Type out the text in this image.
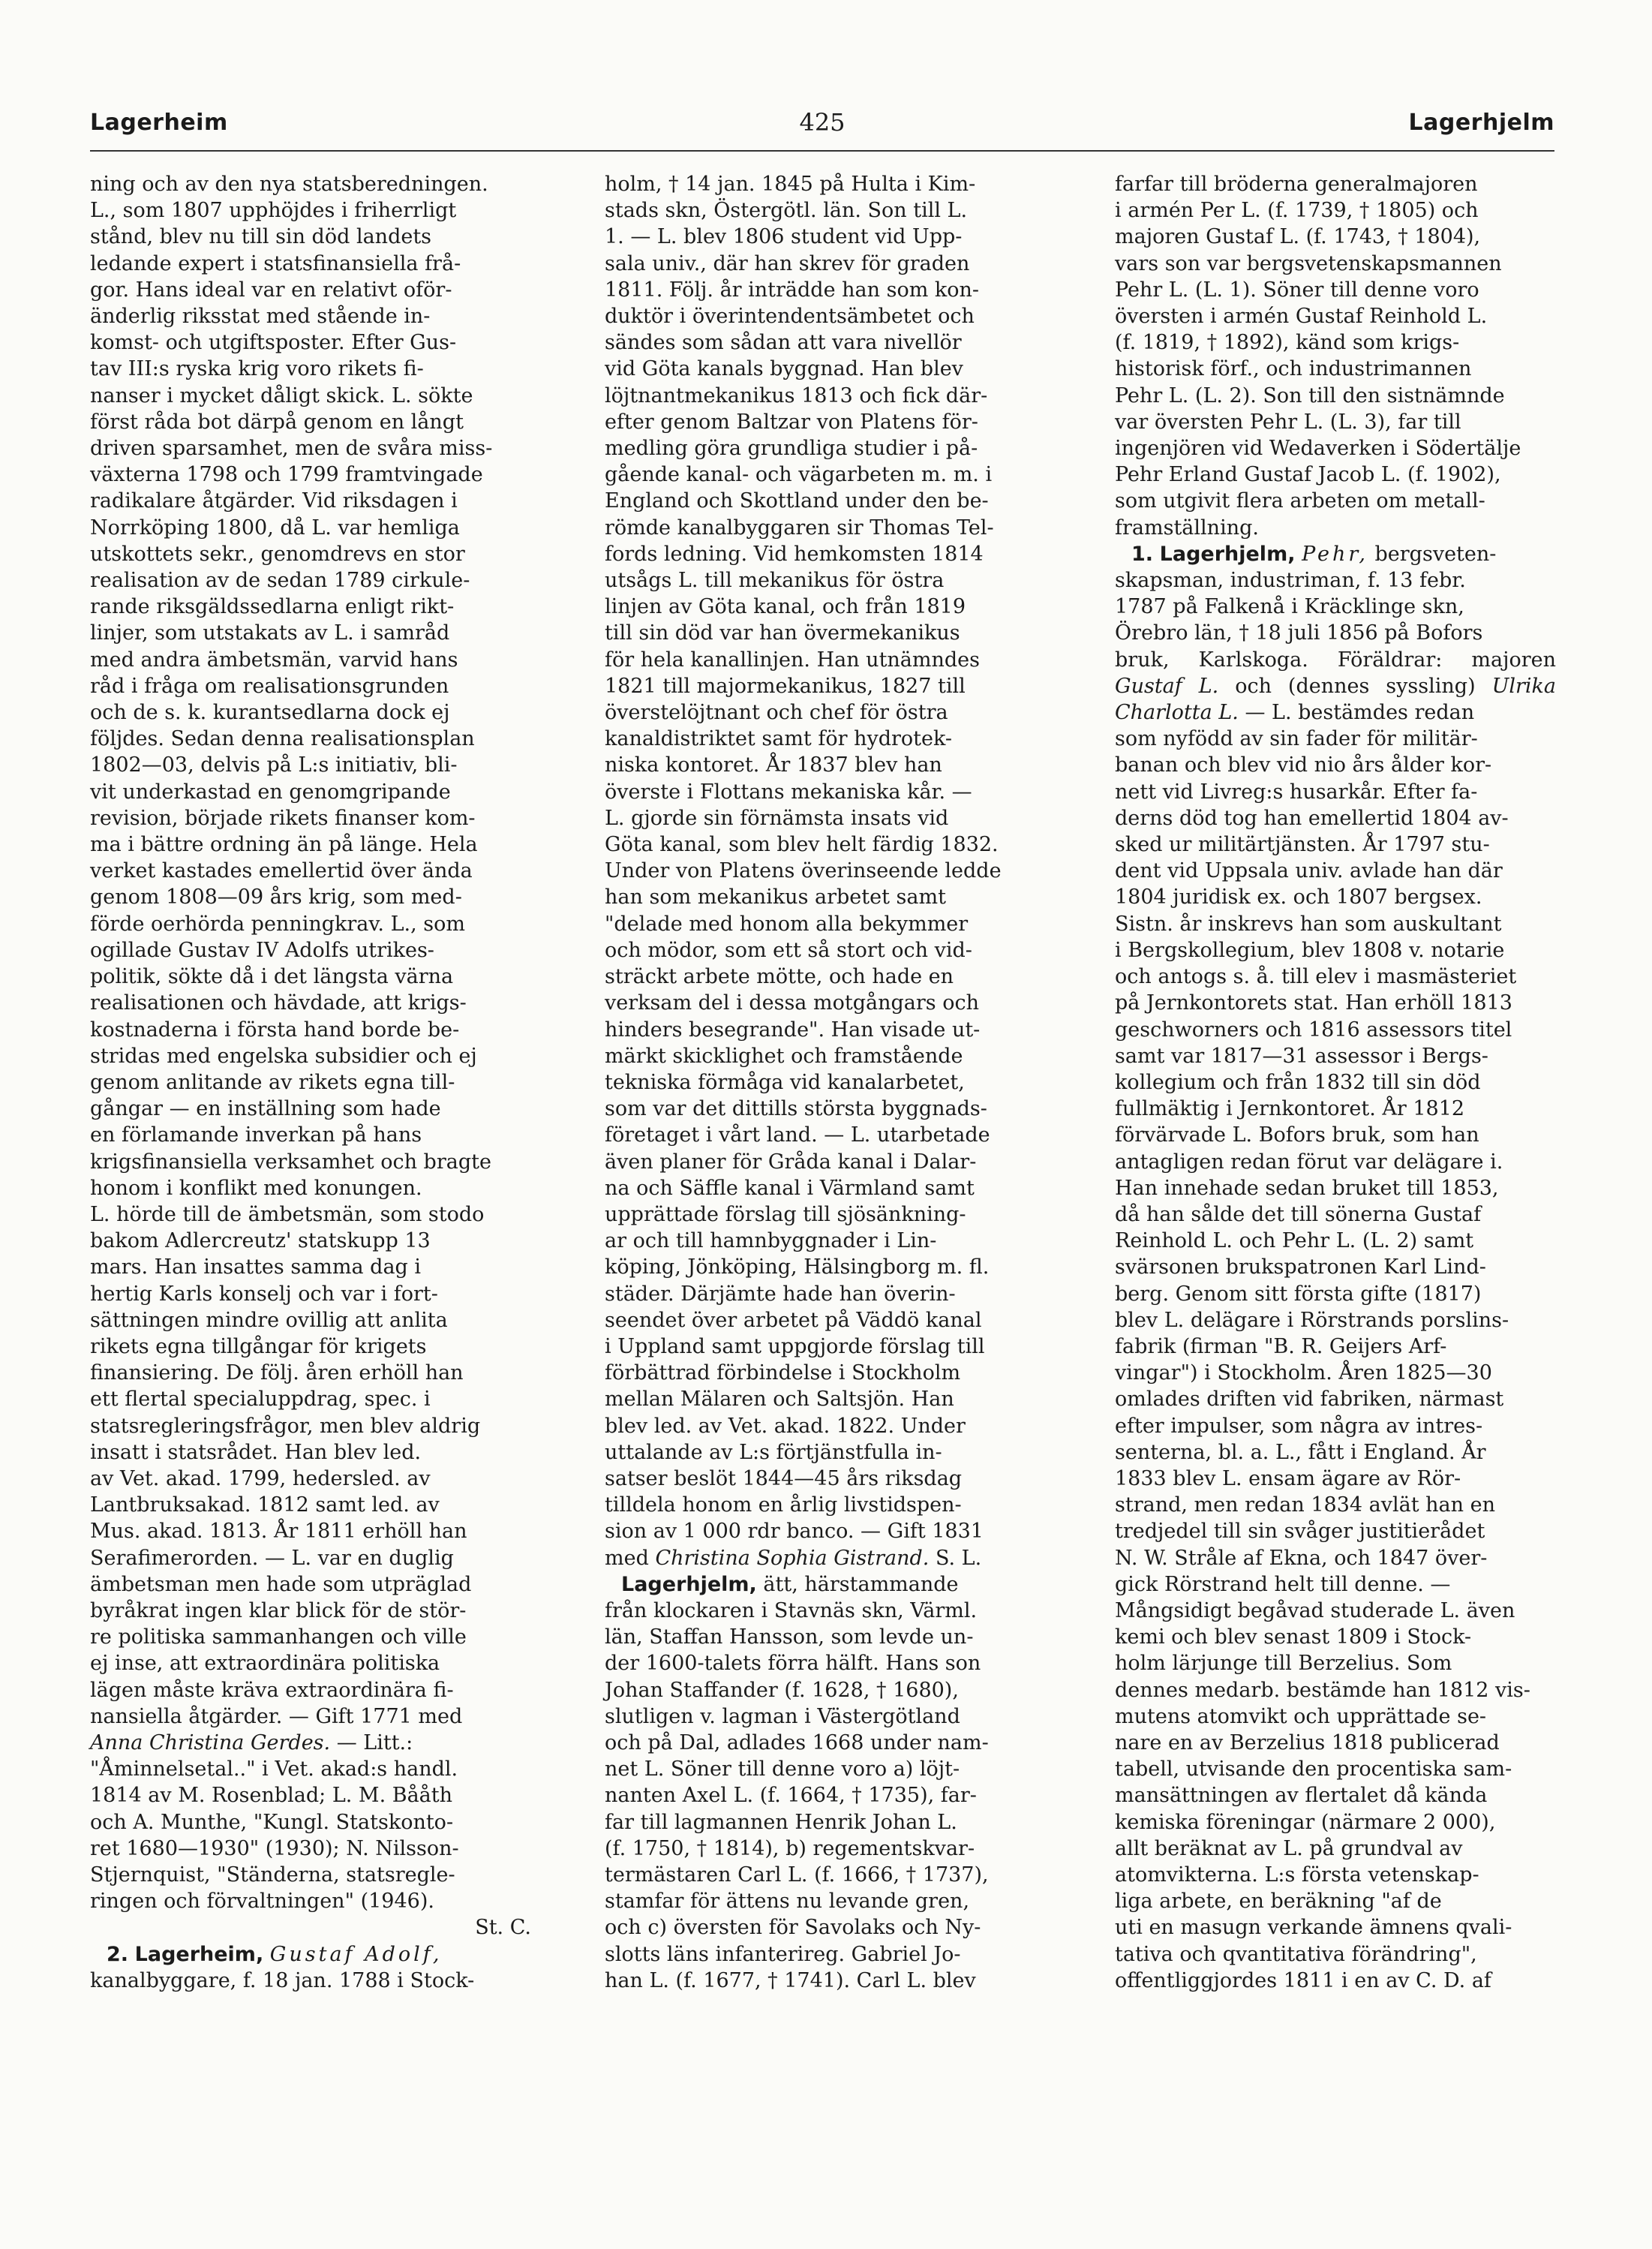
Lagerheim	425	Lagerhjelm

ning och av den nya statsberedningen.
L., som 1807 upphöjdes i friherrligt
stånd, blev nu till sin död landets
ledande expert i statsfinansiella frå-
gor. Hans ideal var en relativt oför-
änderlig riksstat med stående in-
komst- och utgiftsposter. Efter Gus-
tav III:s ryska krig voro rikets fi-
nanser i mycket dåligt skick. L. sökte
först råda bot därpå genom en långt
driven sparsamhet, men de svåra miss-
växterna 1798 och 1799 framtvingade
radikalare åtgärder. Vid riksdagen i
Norrköping 1800, då L. var hemliga
utskottets sekr., genomdrevs en stor
realisation av de sedan 1789 cirkule-
rande riksgäldssedlarna enligt rikt-
linjer, som utstakats av L. i samråd
med andra ämbetsmän, varvid hans
råd i fråga om realisationsgrunden
och de s. k. kurantsedlarna dock ej
följdes. Sedan denna realisationsplan
1802—03, delvis på L:s initiativ, bli-
vit underkastad en genomgripande
revision, började rikets finanser kom-
ma i bättre ordning än på länge. Hela
verket kastades emellertid över ända
genom 1808—09 års krig, som med-
förde oerhörda penningkrav. L., som
ogillade Gustav IV Adolfs utrikes-
politik, sökte då i det längsta värna
realisationen och hävdade, att krigs-
kostnaderna i första hand borde be-
stridas med engelska subsidier och ej
genom anlitande av rikets egna till-
gångar — en inställning som hade
en förlamande inverkan på hans
krigsfinansiella verksamhet och bragte
honom i konflikt med konungen.
L. hörde till de ämbetsmän, som stodo
bakom Adlercreutz' statskupp 13
mars. Han insattes samma dag i
hertig Karls konselj och var i fort-
sättningen mindre ovillig att anlita
rikets egna tillgångar för krigets
finansiering. De följ. åren erhöll han
ett flertal specialuppdrag, spec. i
statsregleringsfrågor, men blev aldrig
insatt i statsrådet. Han blev led.
av Vet. akad. 1799, hedersled. av
Lantbruksakad. 1812 samt led. av
Mus. akad. 1813. År 1811 erhöll han
Serafimerorden. — L. var en duglig
ämbetsman men hade som utpräglad
byråkrat ingen klar blick för de stör-
re politiska sammanhangen och ville
ej inse, att extraordinära politiska
lägen måste kräva extraordinära fi-
nansiella åtgärder. — Gift 1771 med
Anna Christina Gerdes. — Litt.:
"Åminnelsetal.." i Vet. akad:s handl.
1814 av M. Rosenblad; L. M. Bååth
och A. Munthe, "Kungl. Statskonto-
ret 1680—1930" (1930); N. Nilsson-
Stjernquist, "Ständerna, statsregle-
ringen och förvaltningen" (1946).

St. C.

2. Lagerheim, Gustaf Adolf,
kanalbyggare, f. 18 jan. 1788 i Stock-

holm, † 14 jan. 1845 på Hulta i Kim-
stads skn, Östergötl. län. Son till L.
1. — L. blev 1806 student vid Upp-
sala univ., där han skrev för graden
1811. Följ. år inträdde han som kon-
duktör i överintendentsämbetet och
sändes som sådan att vara nivellör
vid Göta kanals byggnad. Han blev
löjtnantmekanikus 1813 och fick där-
efter genom Baltzar von Platens för-
medling göra grundliga studier i på-
gående kanal- och vägarbeten m. m. i
England och Skottland under den be-
römde kanalbyggaren sir Thomas Tel-
fords ledning. Vid hemkomsten 1814
utsågs L. till mekanikus för östra
linjen av Göta kanal, och från 1819
till sin död var han övermekanikus
för hela kanallinjen. Han utnämndes
1821 till majormekanikus, 1827 till
överstelöjtnant och chef för östra
kanaldistriktet samt för hydrotek-
niska kontoret. År 1837 blev han
överste i Flottans mekaniska kår. —
L. gjorde sin förnämsta insats vid
Göta kanal, som blev helt färdig 1832.
Under von Platens överinseende ledde
han som mekanikus arbetet samt
"delade med honom alla bekymmer
och mödor, som ett så stort och vid-
sträckt arbete mötte, och hade en
verksam del i dessa motgångars och
hinders besegrande". Han visade ut-
märkt skicklighet och framstående
tekniska förmåga vid kanalarbetet,
som var det dittills största byggnads-
företaget i vårt land. — L. utarbetade
även planer för Gråda kanal i Dalar-
na och Säffle kanal i Värmland samt
upprättade förslag till sjösänkning-
ar och till hamnbyggnader i Lin-
köping, Jönköping, Hälsingborg m. fl.
städer. Därjämte hade han överin-
seendet över arbetet på Väddö kanal
i Uppland samt uppgjorde förslag till
förbättrad förbindelse i Stockholm
mellan Mälaren och Saltsjön. Han
blev led. av Vet. akad. 1822. Under
uttalande av L:s förtjänstfulla in-
satser beslöt 1844—45 års riksdag
tilldela honom en årlig livstidspen-
sion av 1 000 rdr banco. — Gift 1831
med Christina Sophia Gistrand. S. L.

Lagerhjelm, ätt, härstammande
från klockaren i Stavnäs skn, Värml.
län, Staffan Hansson, som levde un-
der 1600-talets förra hälft. Hans son
Johan Staffander (f. 1628, † 1680),
slutligen v. lagman i Västergötland
och på Dal, adlades 1668 under nam-
net L. Söner till denne voro a) löjt-
nanten Axel L. (f. 1664, † 1735), far-
far till lagmannen Henrik Johan L.
(f. 1750, † 1814), b) regementskvar-
termästaren Carl L. (f. 1666, † 1737),
stamfar för ättens nu levande gren,
och c) översten för Savolaks och Ny-
slotts läns infanterireg. Gabriel Jo-
han L. (f. 1677, † 1741). Carl L. blev

farfar till bröderna generalmajoren
i armén Per L. (f. 1739, † 1805) och
majoren Gustaf L. (f. 1743, † 1804),
vars son var bergsvetenskapsmannen
Pehr L. (L. 1). Söner till denne voro
översten i armén Gustaf Reinhold L.
(f. 1819, † 1892), känd som krigs-
historisk förf., och industrimannen
Pehr L. (L. 2). Son till den sistnämnde
var översten Pehr L. (L. 3), far till
ingenjören vid Wedaverken i Södertälje
Pehr Erland Gustaf Jacob L. (f. 1902),
som utgivit flera arbeten om metall-
framställning.

1. Lagerhjelm, Pehr, bergsveten-
skapsman, industriman, f. 13 febr.
1787 på Falkenå i Kräcklinge skn,
Örebro län, † 18 juli 1856 på Bofors
bruk, Karlskoga. Föräldrar: majoren Gustaf L. och (dennes syssling) Ulrika Charlotta L. — L. bestämdes redan
som nyfödd av sin fader för militär-
banan och blev vid nio års ålder kor-
nett vid Livreg:s husarkår. Efter fa-
derns död tog han emellertid 1804 av-
sked ur militärtjänsten. År 1797 stu-
dent vid Uppsala univ. avlade han där
1804 juridisk ex. och 1807 bergsex.
Sistn. år inskrevs han som auskultant
i Bergskollegium, blev 1808 v. notarie
och antogs s. å. till elev i masmästeriet
på Jernkontorets stat. Han erhöll 1813
geschworners och 1816 assessors titel
samt var 1817—31 assessor i Bergs-
kollegium och från 1832 till sin död
fullmäktig i Jernkontoret. År 1812
förvärvade L. Bofors bruk, som han
antagligen redan förut var delägare i.
Han innehade sedan bruket till 1853,
då han sålde det till sönerna Gustaf
Reinhold L. och Pehr L. (L. 2) samt
svärsonen brukspatronen Karl Lind-
berg. Genom sitt första gifte (1817)
blev L. delägare i Rörstrands porslins-
fabrik (firman "B. R. Geijers Arf-
vingar") i Stockholm. Åren 1825—30
omlades driften vid fabriken, närmast
efter impulser, som några av intres-
senterna, bl. a. L., fått i England. År
1833 blev L. ensam ägare av Rör-
strand, men redan 1834 avlät han en
tredjedel till sin svåger justitierådet
N. W. Stråle af Ekna, och 1847 över-
gick Rörstrand helt till denne. —
Mångsidigt begåvad studerade L. även
kemi och blev senast 1809 i Stock-
holm lärjunge till Berzelius. Som
dennes medarb. bestämde han 1812 vis-
mutens atomvikt och upprättade se-
nare en av Berzelius 1818 publicerad
tabell, utvisande den procentiska sam-
mansättningen av flertalet då kända
kemiska föreningar (närmare 2 000),
allt beräknat av L. på grundval av
atomvikterna. L:s första vetenskap-
liga arbete, en beräkning "af de
uti en masugn verkande ämnens qvali-
tativa och qvantitativa förändring",
offentliggjordes 1811 i en av C. D. af
